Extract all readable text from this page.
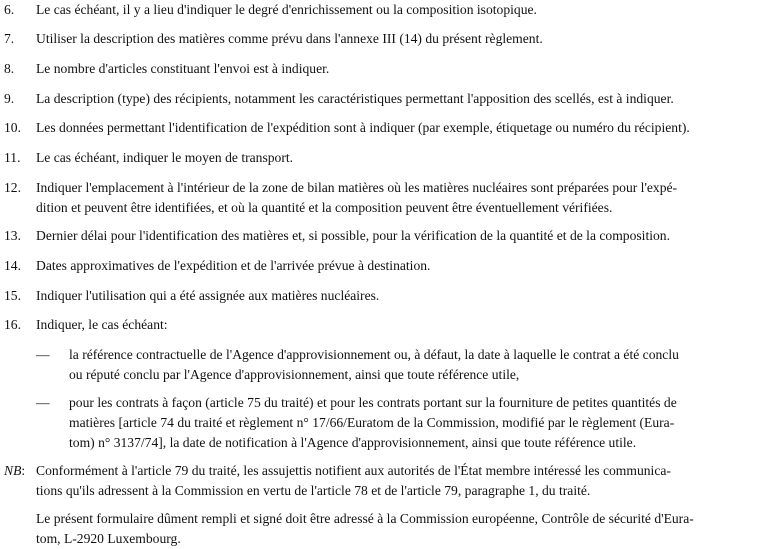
6. Le cas échéant, il y a lieu d'indiquer le degré d'enrichissement ou la composition isotopique.
7. Utiliser la description des matières comme prévu dans l'annexe III (14) du présent règlement.
8. Le nombre d'articles constituant l'envoi est à indiquer.
9. La description (type) des récipients, notamment les caractéristiques permettant l'apposition des scellés, est à indiquer.
10. Les données permettant l'identification de l'expédition sont à indiquer (par exemple, étiquetage ou numéro du récipient).
11. Le cas échéant, indiquer le moyen de transport.
12. Indiquer l'emplacement à l'intérieur de la zone de bilan matières où les matières nucléaires sont préparées pour l'expé-
dition et peuvent être identifiées, et où la quantité et la composition peuvent être éventuellement vérifiées.
13. Dernier délai pour l'identification des matières et, si possible, pour la vérification de la quantité et de la composition.
14. Dates approximatives de l'expédition et de l'arrivée prévue à destination.
15. Indiquer l'utilisation qui a été assignée aux matières nucléaires.
16. Indiquer, le cas échéant:
— la référence contractuelle de l'Agence d'approvisionnement ou, à défaut, la date à laquelle le contrat a été conclu
ou réputé conclu par l'Agence d'approvisionnement, ainsi que toute référence utile,
— pour les contrats à façon (article 75 du traité) et pour les contrats portant sur la fourniture de petites quantités de
matières [article 74 du traité et règlement n° 17/66/Euratom de la Commission, modifié par le règlement (Eura-
tom) n° 3137/74], la date de notification à l'Agence d'approvisionnement, ainsi que toute référence utile.
NB: Conformément à l'article 79 du traité, les assujettis notifient aux autorités de l'État membre intéressé les communica-
tions qu'ils adressent à la Commission en vertu de l'article 78 et de l'article 79, paragraphe 1, du traité.
Le présent formulaire dûment rempli et signé doit être adressé à la Commission européenne, Contrôle de sécurité d'Eura-
tom, L-2920 Luxembourg.
